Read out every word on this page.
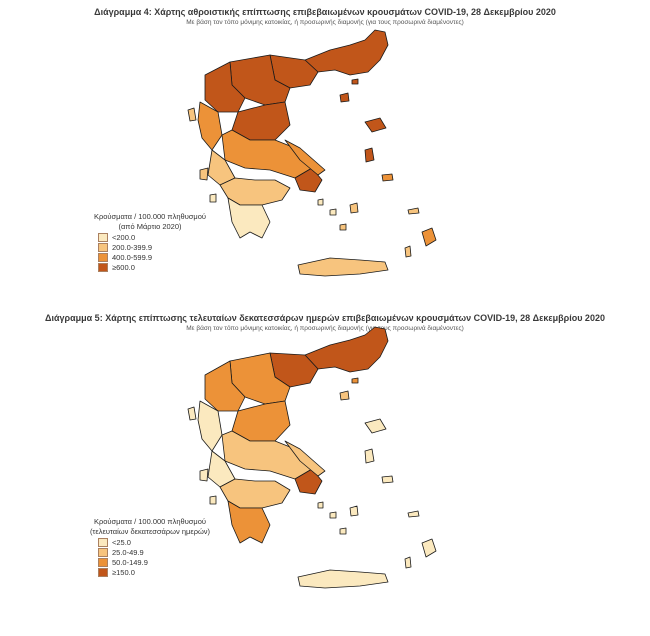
Διάγραμμα 4: Χάρτης αθροιστικής επίπτωσης επιβεβαιωμένων κρουσμάτων COVID-19, 28 Δεκεμβρίου 2020
Με βάση τον τόπο μόνιμης κατοικίας, ή προσωρινής διαμονής (για τους προσωρινά διαμένοντες)
Κρούσματα / 100.000 πληθυσμού
(από Μάρτιο 2020)
<200.0
200.0-399.9
400.0-599.9
≥600.0
Διάγραμμα 5: Χάρτης επίπτωσης τελευταίων δεκατεσσάρων ημερών επιβεβαιωμένων κρουσμάτων COVID-19, 28 Δεκεμβρίου 2020
Με βάση τον τόπο μόνιμης κατοικίας, ή προσωρινής διαμονής (για τους προσωρινά διαμένοντες)
Κρούσματα / 100.000 πληθυσμού
(τελευταίων δεκατεσσάρων ημερών)
<25.0
25.0-49.9
50.0-149.9
≥150.0
